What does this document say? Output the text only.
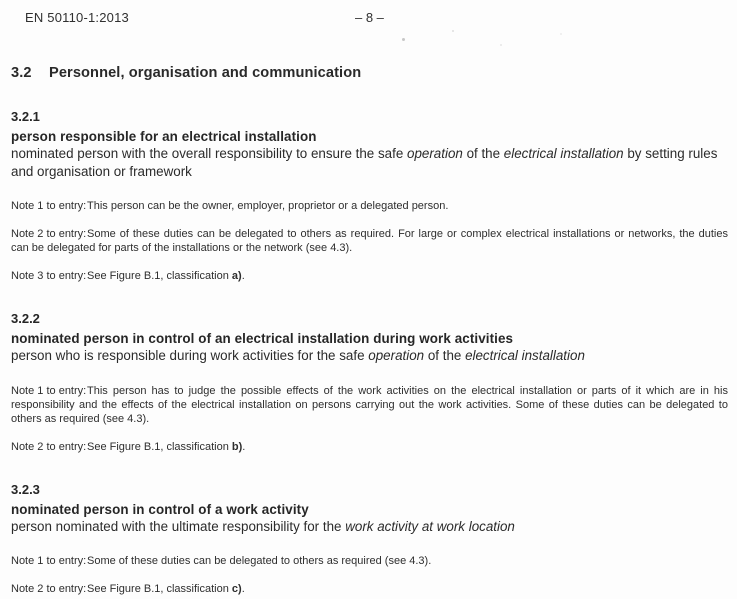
EN 50110-1:2013	– 8 –
3.2 Personnel, organisation and communication
3.2.1
person responsible for an electrical installation
nominated person with the overall responsibility to ensure the safe operation of the electrical installation by setting rules and organisation or framework
Note 1 to entry:This person can be the owner, employer, proprietor or a delegated person.
Note 2 to entry:Some of these duties can be delegated to others as required. For large or complex electrical installations or networks, the duties can be delegated for parts of the installations or the network (see 4.3).
Note 3 to entry:See Figure B.1, classification a).
3.2.2
nominated person in control of an electrical installation during work activities
person who is responsible during work activities for the safe operation of the electrical installation
Note 1 to entry:This person has to judge the possible effects of the work activities on the electrical installation or parts of it which are in his responsibility and the effects of the electrical installation on persons carrying out the work activities. Some of these duties can be delegated to others as required (see 4.3).
Note 2 to entry:See Figure B.1, classification b).
3.2.3
nominated person in control of a work activity
person nominated with the ultimate responsibility for the work activity at work location
Note 1 to entry:Some of these duties can be delegated to others as required (see 4.3).
Note 2 to entry:See Figure B.1, classification c).
